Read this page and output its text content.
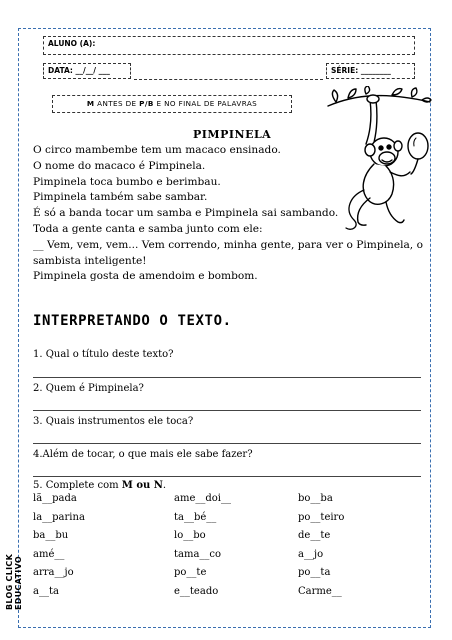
ALUNO (A):
DATA: __/__/ ___	SÉRIE: ________
M ANTES DE P/B E NO FINAL DE PALAVRAS
PIMPINELA
O circo mambembe tem um macaco ensinado.
O nome do macaco é Pimpinela.
Pimpinela toca bumbo e berimbau.
Pimpinela também sabe sambar.
É só a banda tocar um samba e Pimpinela sai sambando.
Toda a gente canta e samba junto com ele:
__ Vem, vem, vem... Vem correndo, minha gente, para ver o Pimpinela, o sambista inteligente!
Pimpinela gosta de amendoim e bombom.
INTERPRETANDO O TEXTO.
1. Qual o título deste texto?
2. Quem é Pimpinela?
3. Quais instrumentos ele toca?
4.Além de tocar, o que mais ele sabe fazer?
5. Complete com M ou N.
lã__pada	ame__doi__	bo__ba
la__parina	ta__bé__	po__teiro
ba__bu	lo__bo	de__te
amé__	tama__co	a__jo
arra__jo	po__te	po__ta
a__ta	e__teado	Carme__
BLOG CLICK EDUCATIVO
